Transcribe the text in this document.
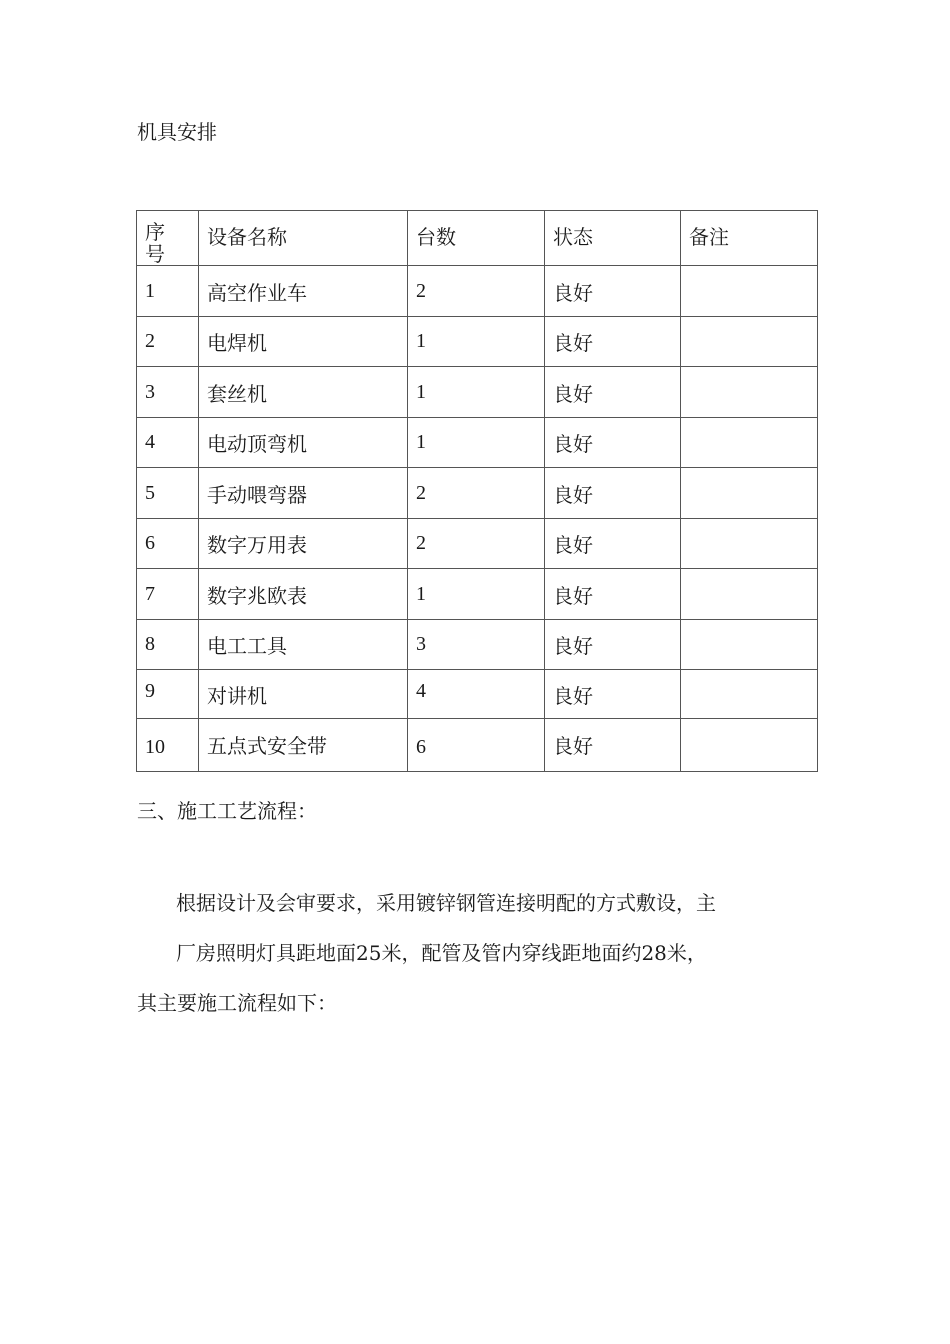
机具安排
序
号	设备名称	台数	状态	备注
1	高空作业车	2	良好	
2	电焊机	1	良好	
3	套丝机	1	良好	
4	电动顶弯机	1	良好	
5	手动喂弯器	2	良好	
6	数字万用表	2	良好	
7	数字兆欧表	1	良好	
8	电工工具	3	良好	
9	对讲机	4	良好	
10	五点式安全带	6	良好	
三、施工工艺流程：
根据设计及会审要求，采用镀锌钢管连接明配的方式敷设，主
厂房照明灯具距地面25米，配管及管内穿线距地面约28米，
其主要施工流程如下：
